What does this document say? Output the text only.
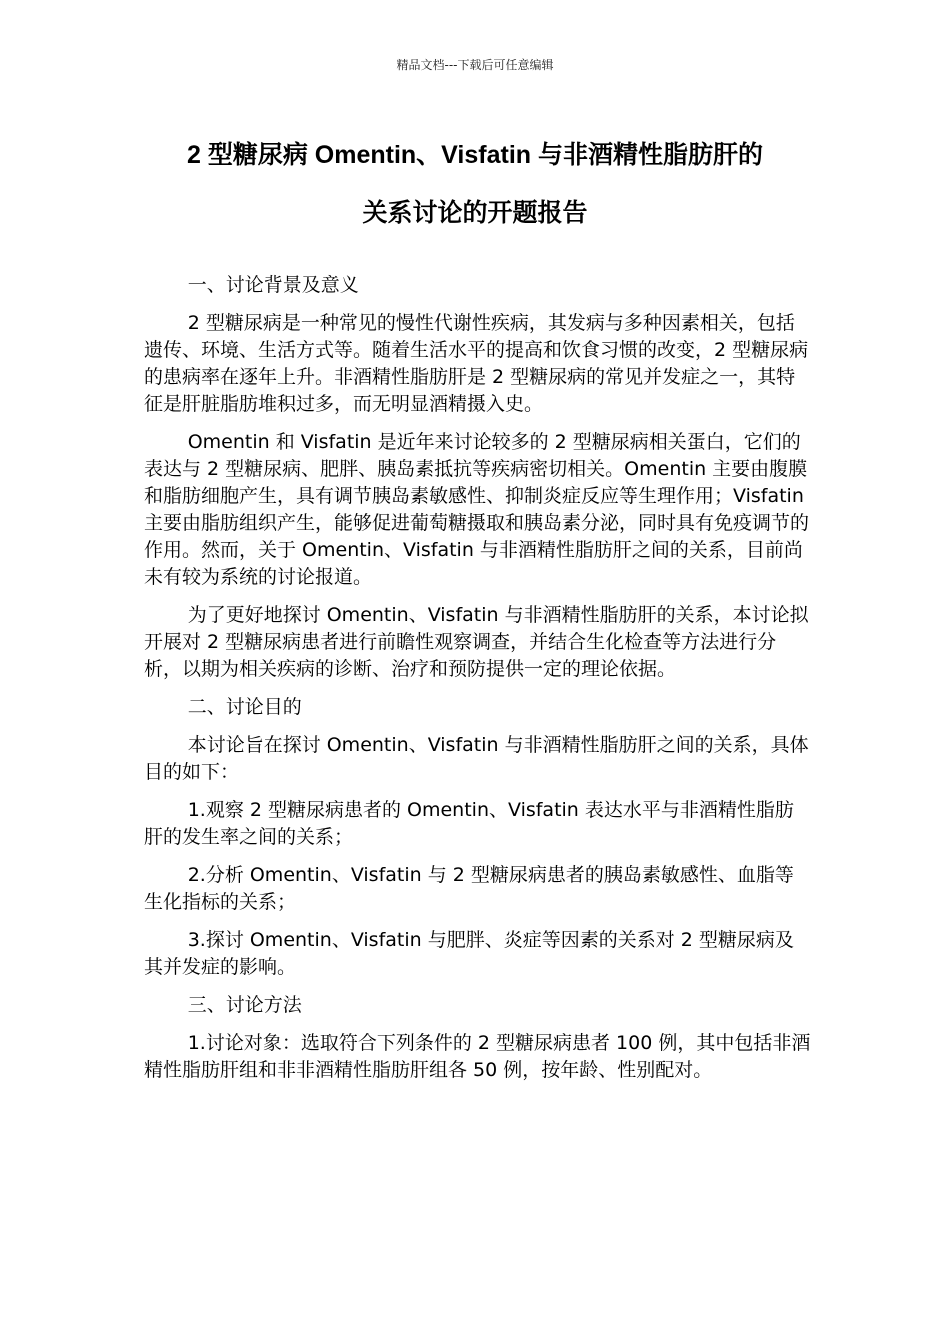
精品文档---下载后可任意编辑
2 型糖尿病 Omentin、Visfatin 与非酒精性脂肪肝的
关系讨论的开题报告

一、讨论背景及意义

2 型糖尿病是一种常见的慢性代谢性疾病，其发病与多种因素相关，包括遗传、环境、生活方式等。随着生活水平的提高和饮食习惯的改变，2 型糖尿病的患病率在逐年上升。非酒精性脂肪肝是 2 型糖尿病的常见并发症之一，其特征是肝脏脂肪堆积过多，而无明显酒精摄入史。

Omentin 和 Visfatin 是近年来讨论较多的 2 型糖尿病相关蛋白，它们的表达与 2 型糖尿病、肥胖、胰岛素抵抗等疾病密切相关。Omentin 主要由腹膜和脂肪细胞产生，具有调节胰岛素敏感性、抑制炎症反应等生理作用；Visfatin 主要由脂肪组织产生，能够促进葡萄糖摄取和胰岛素分泌，同时具有免疫调节的作用。然而，关于 Omentin、Visfatin 与非酒精性脂肪肝之间的关系，目前尚未有较为系统的讨论报道。

为了更好地探讨 Omentin、Visfatin 与非酒精性脂肪肝的关系，本讨论拟开展对 2 型糖尿病患者进行前瞻性观察调查，并结合生化检查等方法进行分析，以期为相关疾病的诊断、治疗和预防提供一定的理论依据。

二、讨论目的

本讨论旨在探讨 Omentin、Visfatin 与非酒精性脂肪肝之间的关系，具体目的如下：

1.观察 2 型糖尿病患者的 Omentin、Visfatin 表达水平与非酒精性脂肪肝的发生率之间的关系；

2.分析 Omentin、Visfatin 与 2 型糖尿病患者的胰岛素敏感性、血脂等生化指标的关系；

3.探讨 Omentin、Visfatin 与肥胖、炎症等因素的关系对 2 型糖尿病及其并发症的影响。

三、讨论方法

1.讨论对象：选取符合下列条件的 2 型糖尿病患者 100 例，其中包括非酒精性脂肪肝组和非非酒精性脂肪肝组各 50 例，按年龄、性别配对。
